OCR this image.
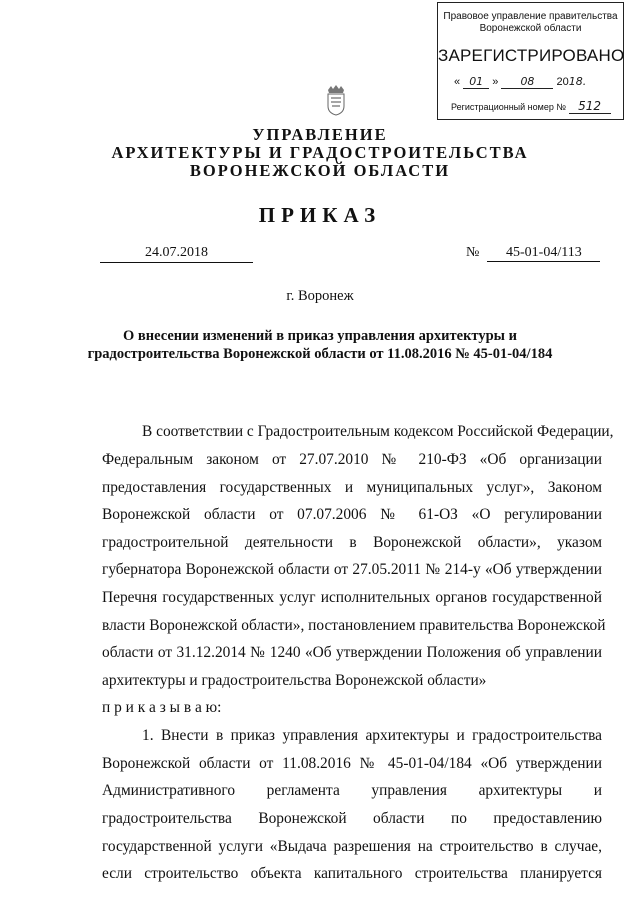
Правовое управление правительства
Воронежской области
ЗАРЕГИСТРИРОВАНО
« 01 » 08 2018.
Регистрационный номер № 512
УПРАВЛЕНИЕ
АРХИТЕКТУРЫ И ГРАДОСТРОИТЕЛЬСТВА
ВОРОНЕЖСКОЙ ОБЛАСТИ
ПРИКАЗ
24.07.2018	№ 45-01-04/113
г. Воронеж
О внесении изменений в приказ управления архитектуры и
градостроительства Воронежской области от 11.08.2016 № 45-01-04/184
В соответствии с Градостроительным кодексом Российской Федерации,
Федеральным законом от 27.07.2010 № 210-ФЗ «Об организации
предоставления государственных и муниципальных услуг», Законом
Воронежской области от 07.07.2006 № 61-ОЗ «О регулировании
градостроительной деятельности в Воронежской области», указом
губернатора Воронежской области от 27.05.2011 № 214-у «Об утверждении
Перечня государственных услуг исполнительных органов государственной
власти Воронежской области», постановлением правительства Воронежской
области от 31.12.2014 № 1240 «Об утверждении Положения об управлении
архитектуры и градостроительства Воронежской области»
п р и к а з ы в а ю:
1. Внести в приказ управления архитектуры и градостроительства
Воронежской области от 11.08.2016 № 45-01-04/184 «Об утверждении
Административного регламента управления архитектуры и
градостроительства Воронежской области по предоставлению
государственной услуги «Выдача разрешения на строительство в случае,
если строительство объекта капитального строительства планируется
